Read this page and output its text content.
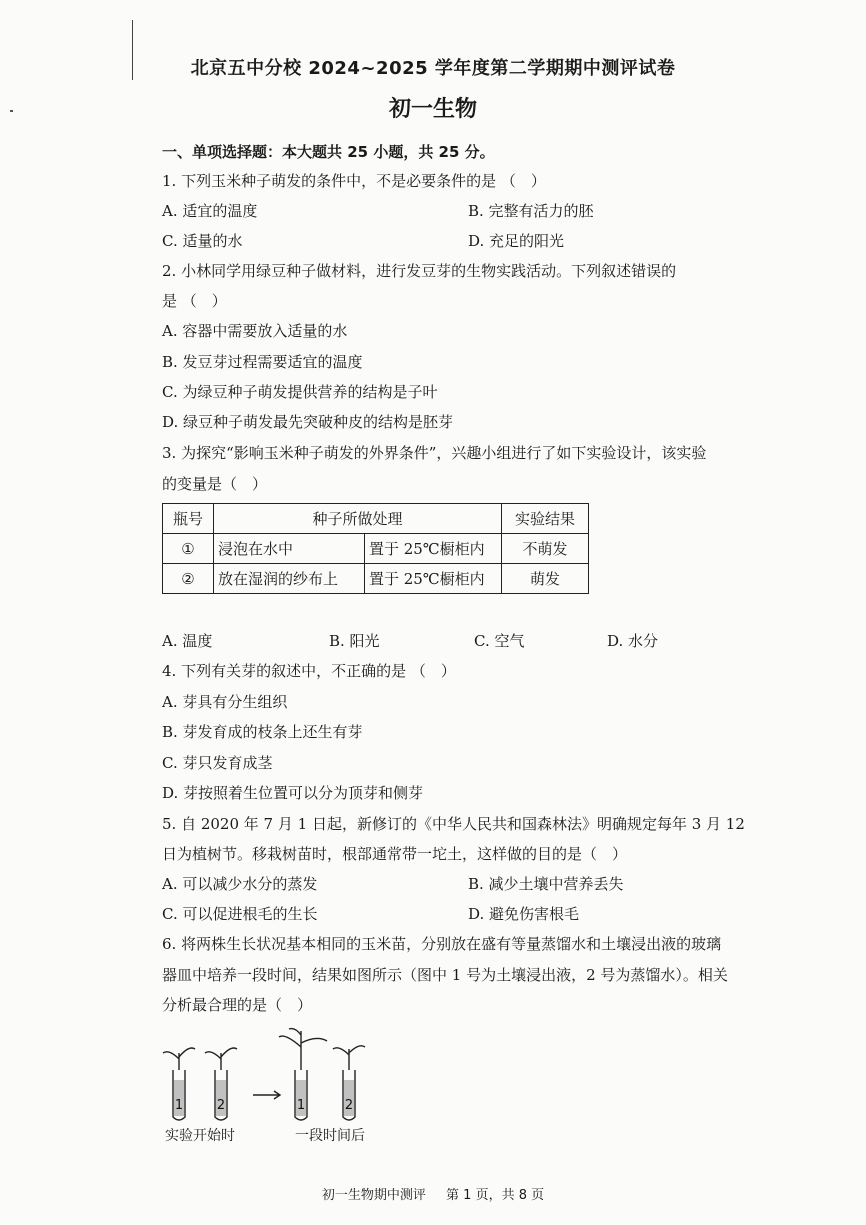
北京五中分校 2024~2025 学年度第二学期期中测评试卷
初一生物
一、单项选择题：本大题共 25 小题，共 25 分。
1. 下列玉米种子萌发的条件中，不是必要条件的是 （　）
A. 适宜的温度	B. 完整有活力的胚
C. 适量的水	D. 充足的阳光
2. 小林同学用绿豆种子做材料，进行发豆芽的生物实践活动。下列叙述错误的
是 （　）
A. 容器中需要放入适量的水
B. 发豆芽过程需要适宜的温度
C. 为绿豆种子萌发提供营养的结构是子叶
D. 绿豆种子萌发最先突破种皮的结构是胚芽
3. 为探究“影响玉米种子萌发的外界条件”，兴趣小组进行了如下实验设计，该实验
的变量是（　）
瓶号	种子所做处理		实验结果
①	浸泡在水中	置于 25℃橱柜内	不萌发
②	放在湿润的纱布上	置于 25℃橱柜内	萌发
A. 温度	B. 阳光	C. 空气	D. 水分
4. 下列有关芽的叙述中，不正确的是 （　）
A. 芽具有分生组织
B. 芽发育成的枝条上还生有芽
C. 芽只发育成茎
D. 芽按照着生位置可以分为顶芽和侧芽
5. 自 2020 年 7 月 1 日起，新修订的《中华人民共和国森林法》明确规定每年 3 月 12
日为植树节。移栽树苗时，根部通常带一坨土，这样做的目的是（　）
A. 可以减少水分的蒸发	B. 减少土壤中营养丢失
C. 可以促进根毛的生长	D. 避免伤害根毛
6. 将两株生长状况基本相同的玉米苗，分别放在盛有等量蒸馏水和土壤浸出液的玻璃
器皿中培养一段时间，结果如图所示（图中 1 号为土壤浸出液，2 号为蒸馏水）。相关
分析最合理的是（　）
1	2	1	2
实验开始时	一段时间后
初一生物期中测评 第 1 页，共 8 页
